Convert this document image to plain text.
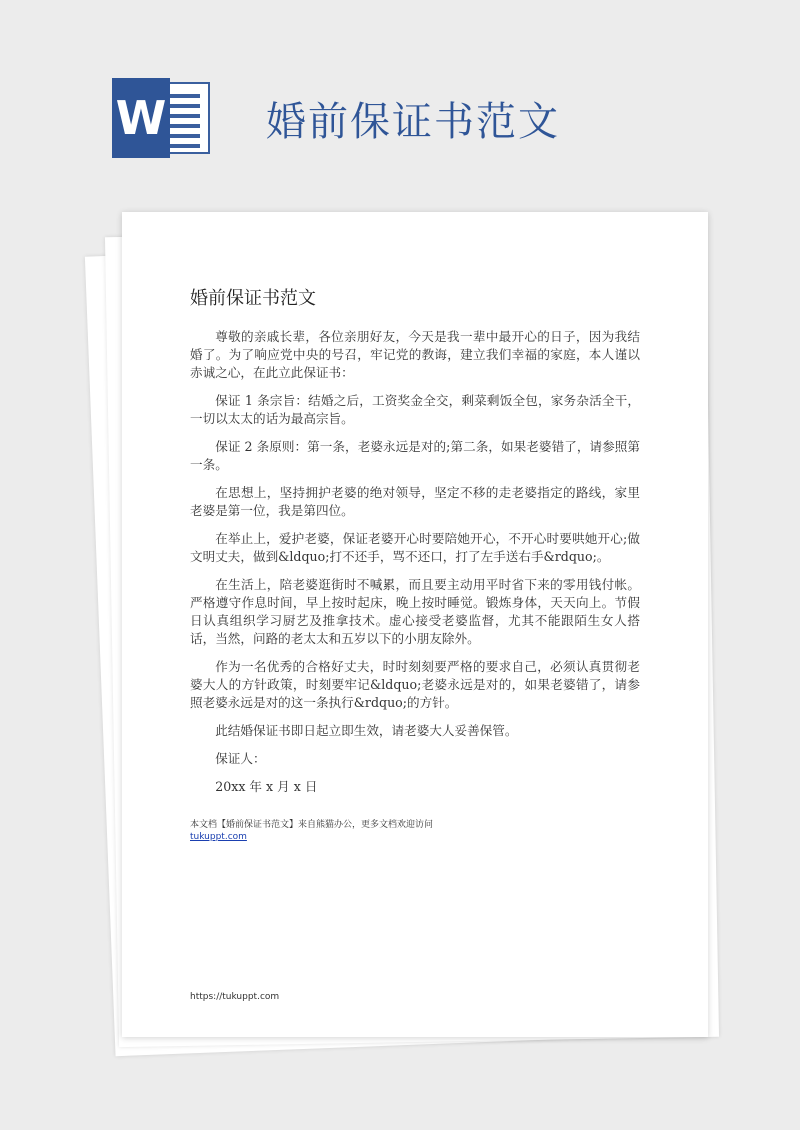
W 婚前保证书范文
婚前保证书范文

尊敬的亲戚长辈，各位亲朋好友，今天是我一辈中最开心的日子，因为我结婚了。为了响应党中央的号召，牢记党的教诲，建立我们幸福的家庭，本人谨以赤诚之心，在此立此保证书：

保证 1 条宗旨：结婚之后，工资奖金全交，剩菜剩饭全包，家务杂活全干，一切以太太的话为最高宗旨。

保证 2 条原则：第一条，老婆永远是对的;第二条，如果老婆错了，请参照第一条。

在思想上，坚持拥护老婆的绝对领导，坚定不移的走老婆指定的路线，家里老婆是第一位，我是第四位。

在举止上，爱护老婆，保证老婆开心时要陪她开心，不开心时要哄她开心;做文明丈夫，做到&ldquo;打不还手，骂不还口，打了左手送右手&rdquo;。

在生活上，陪老婆逛街时不喊累，而且要主动用平时省下来的零用钱付帐。严格遵守作息时间，早上按时起床，晚上按时睡觉。锻炼身体，天天向上。节假日认真组织学习厨艺及推拿技术。虚心接受老婆监督，尤其不能跟陌生女人搭话，当然，问路的老太太和五岁以下的小朋友除外。

作为一名优秀的合格好丈夫，时时刻刻要严格的要求自己，必须认真贯彻老婆大人的方针政策，时刻要牢记&ldquo;老婆永远是对的，如果老婆错了，请参照老婆永远是对的这一条执行&rdquo;的方针。

此结婚保证书即日起立即生效，请老婆大人妥善保管。

保证人：

20xx 年 x 月 x 日

本文档【婚前保证书范文】来自熊猫办公，更多文档欢迎访问
tukuppt.com
https://tukuppt.com
